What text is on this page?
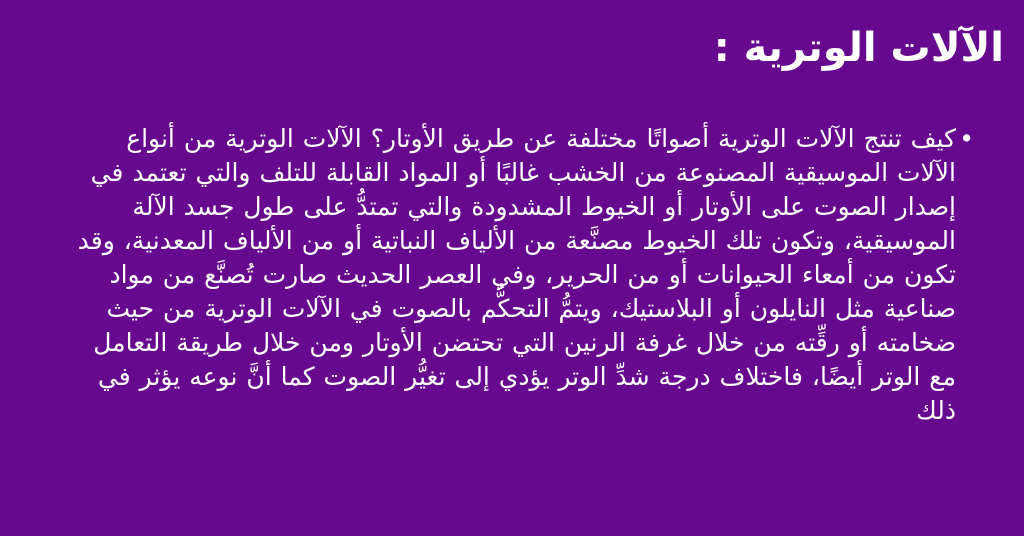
الآلات الوترية :
•
كيف تنتج الآلات الوترية أصواتًا مختلفة عن طريق الأوتار؟ الآلات الوترية من أنواع الآلات الموسيقية المصنوعة من الخشب غالبًا أو المواد القابلة للتلف والتي تعتمد في إصدار الصوت على الأوتار أو الخيوط المشدودة والتي تمتدُّ على طول جسد الآلة الموسيقية، وتكون تلك الخيوط مصنَّعة من الألياف النباتية أو من الألياف المعدنية، وقد تكون من أمعاء الحيوانات أو من الحرير، وفي العصر الحديث صارت تُصنَّع من مواد صناعية مثل النايلون أو البلاستيك، ويتمُّ التحكُّم بالصوت في الآلات الوترية من حيث ضخامته أو رقِّته من خلال غرفة الرنين التي تحتضن الأوتار ومن خلال طريقة التعامل مع الوتر أيضًا، فاختلاف درجة شدِّ الوتر يؤدي إلى تغيُّر الصوت كما أنَّ نوعه يؤثر في ذلك
